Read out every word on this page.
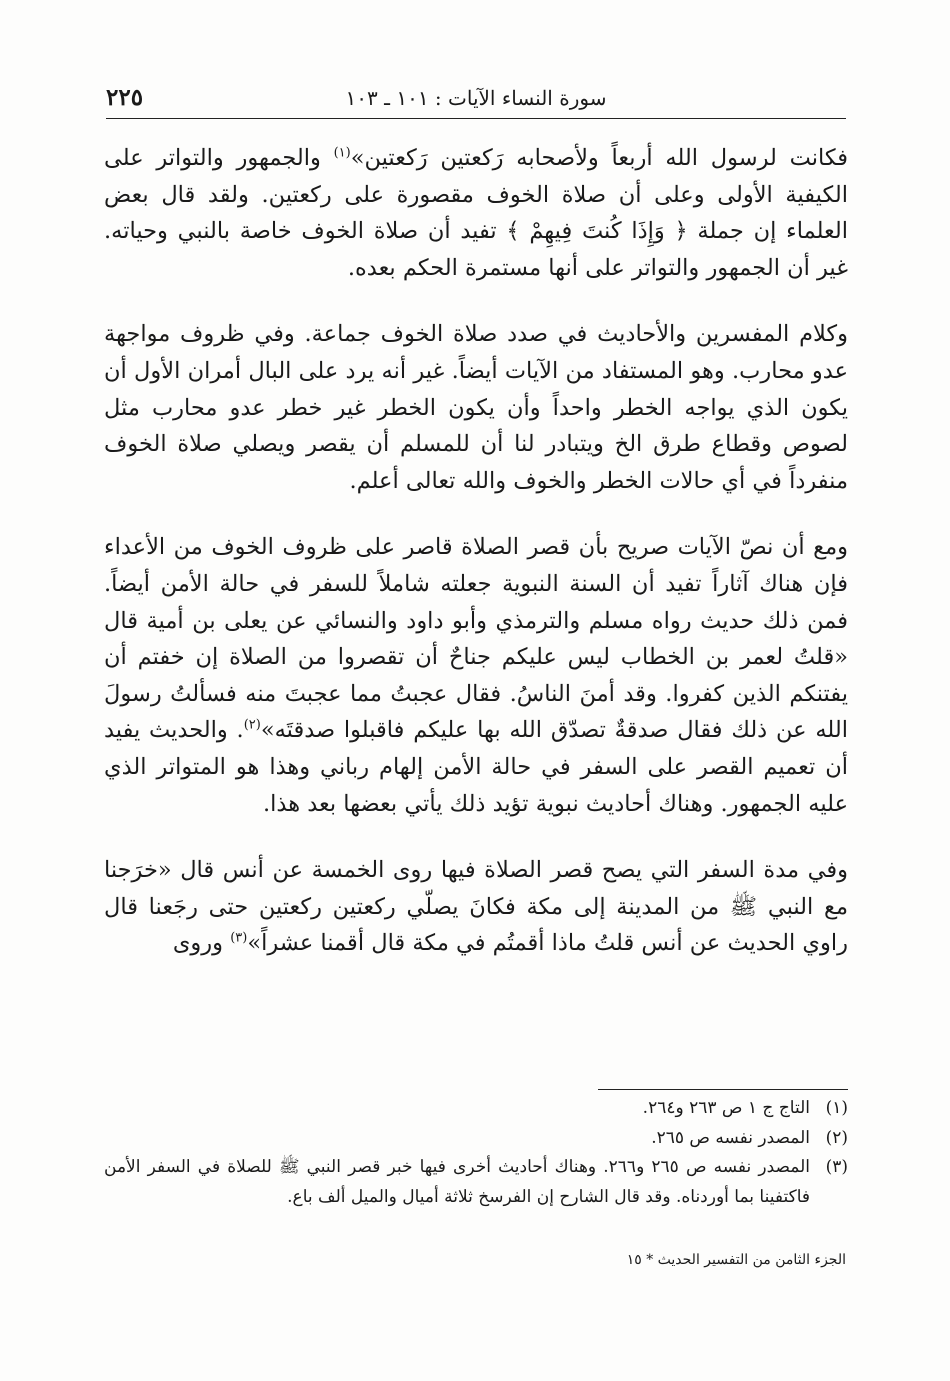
سورة النساء الآيات : ١٠١ ـ ١٠٣
٢٢٥

فكانت لرسول الله أربعاً ولأصحابه رَكعتين رَكعتين»$^{(١)}$ والجمهور والتواتر على الكيفية الأولى وعلى أن صلاة الخوف مقصورة على ركعتين. ولقد قال بعض العلماء إن جملة ﴿ وَإِذَا كُنتَ فِيهِمْ ﴾ تفيد أن صلاة الخوف خاصة بالنبي وحياته. غير أن الجمهور والتواتر على أنها مستمرة الحكم بعده.

وكلام المفسرين والأحاديث في صدد صلاة الخوف جماعة. وفي ظروف مواجهة عدو محارب. وهو المستفاد من الآيات أيضاً. غير أنه يرد على البال أمران الأول أن يكون الذي يواجه الخطر واحداً وأن يكون الخطر غير خطر عدو محارب مثل لصوص وقطاع طرق الخ ويتبادر لنا أن للمسلم أن يقصر ويصلي صلاة الخوف منفرداً في أي حالات الخطر والخوف والله تعالى أعلم.

ومع أن نصّ الآيات صريح بأن قصر الصلاة قاصر على ظروف الخوف من الأعداء فإن هناك آثاراً تفيد أن السنة النبوية جعلته شاملاً للسفر في حالة الأمن أيضاً. فمن ذلك حديث رواه مسلم والترمذي وأبو داود والنسائي عن يعلى بن أمية قال «قلتُ لعمر بن الخطاب ليس عليكم جناحٌ أن تقصروا من الصلاة إن خفتم أن يفتنكم الذين كفروا. وقد أمنَ الناسُ. فقال عجبتُ مما عجبتَ منه فسألتُ رسولَ الله عن ذلك فقال صدقةٌ تصدّق الله بها عليكم فاقبلوا صدقتَه»$^{(٢)}$. والحديث يفيد أن تعميم القصر على السفر في حالة الأمن إلهام رباني وهذا هو المتواتر الذي عليه الجمهور. وهناك أحاديث نبوية تؤيد ذلك يأتي بعضها بعد هذا.

وفي مدة السفر التي يصح قصر الصلاة فيها روى الخمسة عن أنس قال «خرَجنا مع النبي ﷺ من المدينة إلى مكة فكانَ يصلّي ركعتين ركعتين حتى رجَعنا قال راوي الحديث عن أنس قلتُ ماذا أقمتُم في مكة قال أقمنا عشراً»$^{(٣)}$ وروى

(١)
التاج ج ١ ص ٢٦٣ و٢٦٤.
(٢)
المصدر نفسه ص ٢٦٥.
(٣)
المصدر نفسه ص ٢٦٥ و٢٦٦. وهناك أحاديث أخرى فيها خبر قصر النبي ﷺ للصلاة في السفر الأمن فاكتفينا بما أوردناه. وقد قال الشارح إن الفرسخ ثلاثة أميال والميل ألف باع.
الجزء الثامن من التفسير الحديث * ١٥
